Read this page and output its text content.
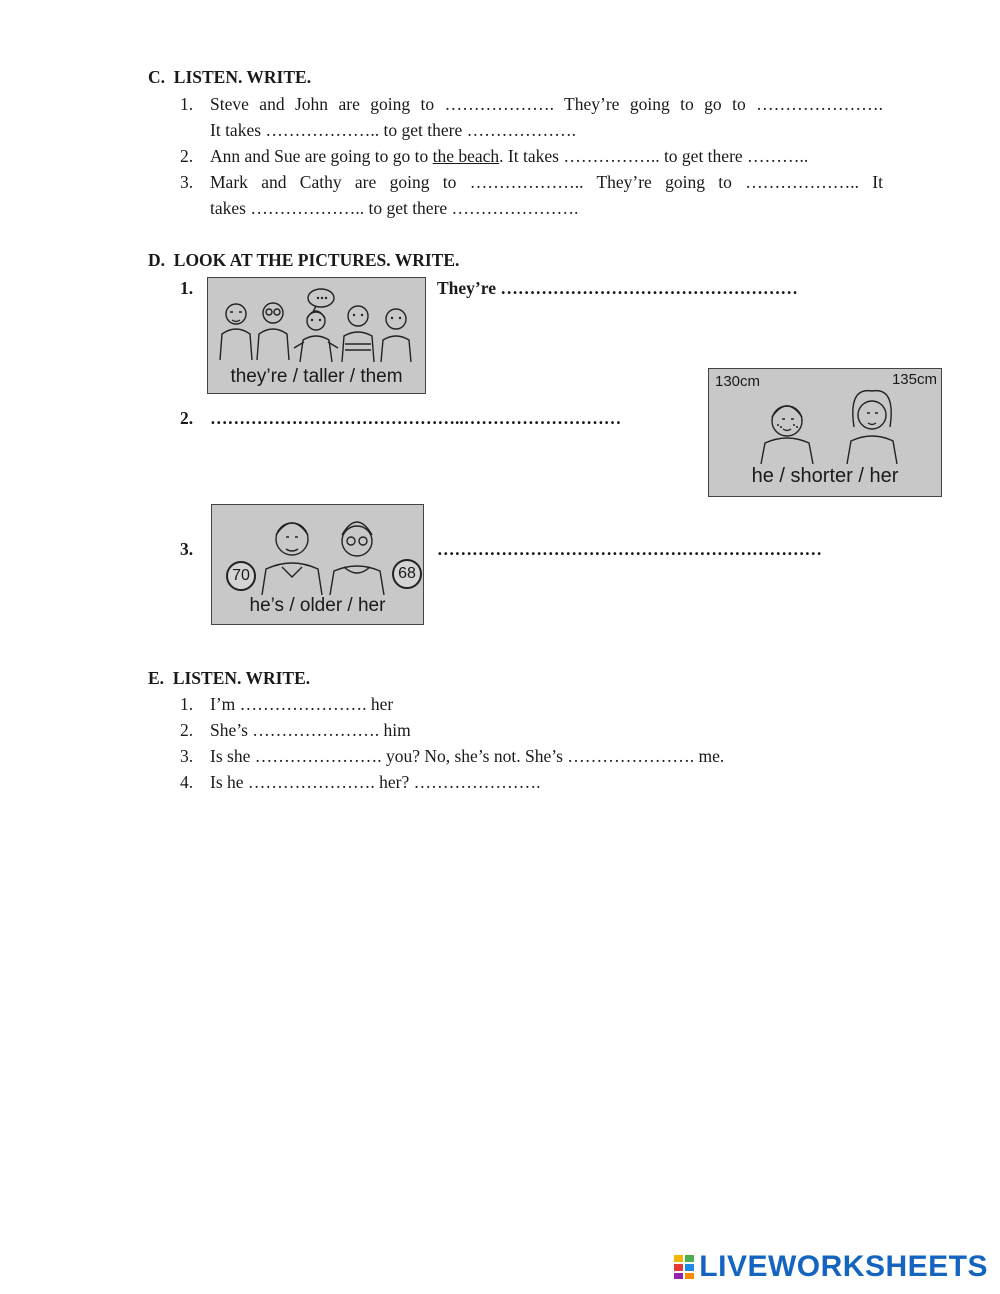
C. LISTEN. WRITE.
1. Steve and John are going to ………………. They’re going to go to ………………….
It takes ……………….. to get there ……………….
2. Ann and Sue are going to go to the beach. It takes …………….. to get there ………..
3. Mark and Cathy are going to ……………….. They’re going to ……………….. It
takes ……………….. to get there ………………….
D. LOOK AT THE PICTURES. WRITE.
1.
they’re / taller / them
They’re ……………………………………………
2. ……………………………………..………………………
130cm	135cm
he / shorter / her
3.
70	68
he’s / older / her
…………………………………………………………
E. LISTEN. WRITE.
1. I’m …………………. her
2. She’s …………………. him
3. Is she …………………. you? No, she’s not. She’s …………………. me.
4. Is he …………………. her? ………………….
LIVEWORKSHEETS
